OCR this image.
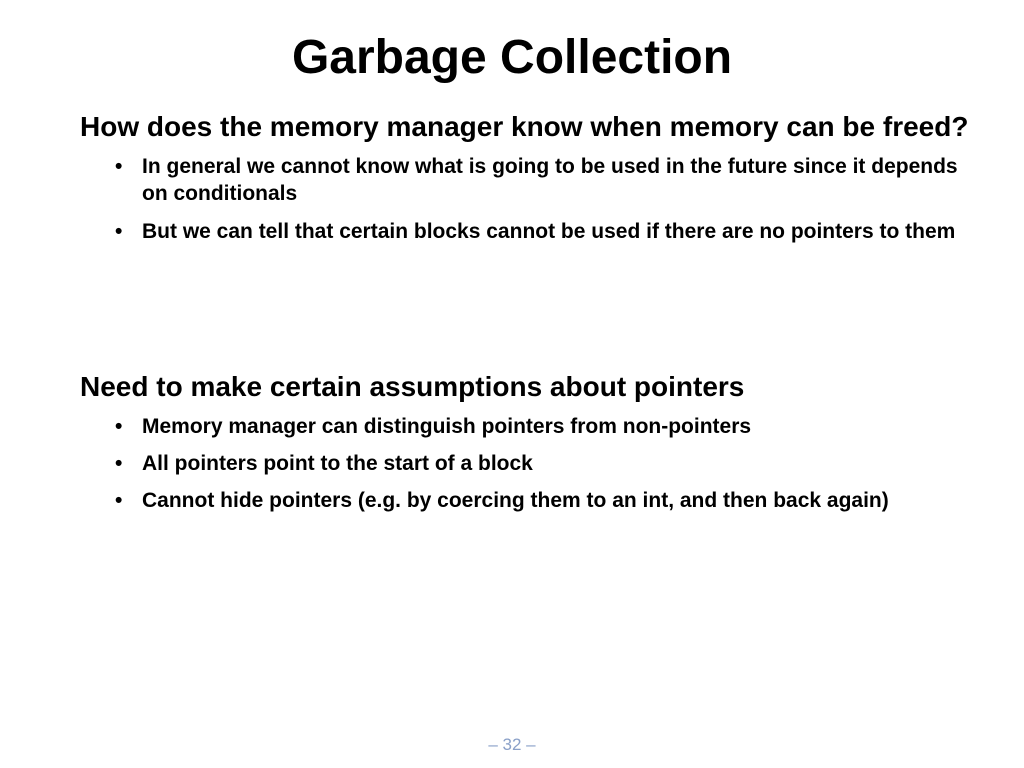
Garbage Collection

How does the memory manager know when memory can be freed?

• In general we cannot know what is going to be used in the future since it depends on conditionals
• But we can tell that certain blocks cannot be used if there are no pointers to them

Need to make certain assumptions about pointers

• Memory manager can distinguish pointers from non-pointers
• All pointers point to the start of a block
• Cannot hide pointers (e.g. by coercing them to an int, and then back again)
– 32 –
